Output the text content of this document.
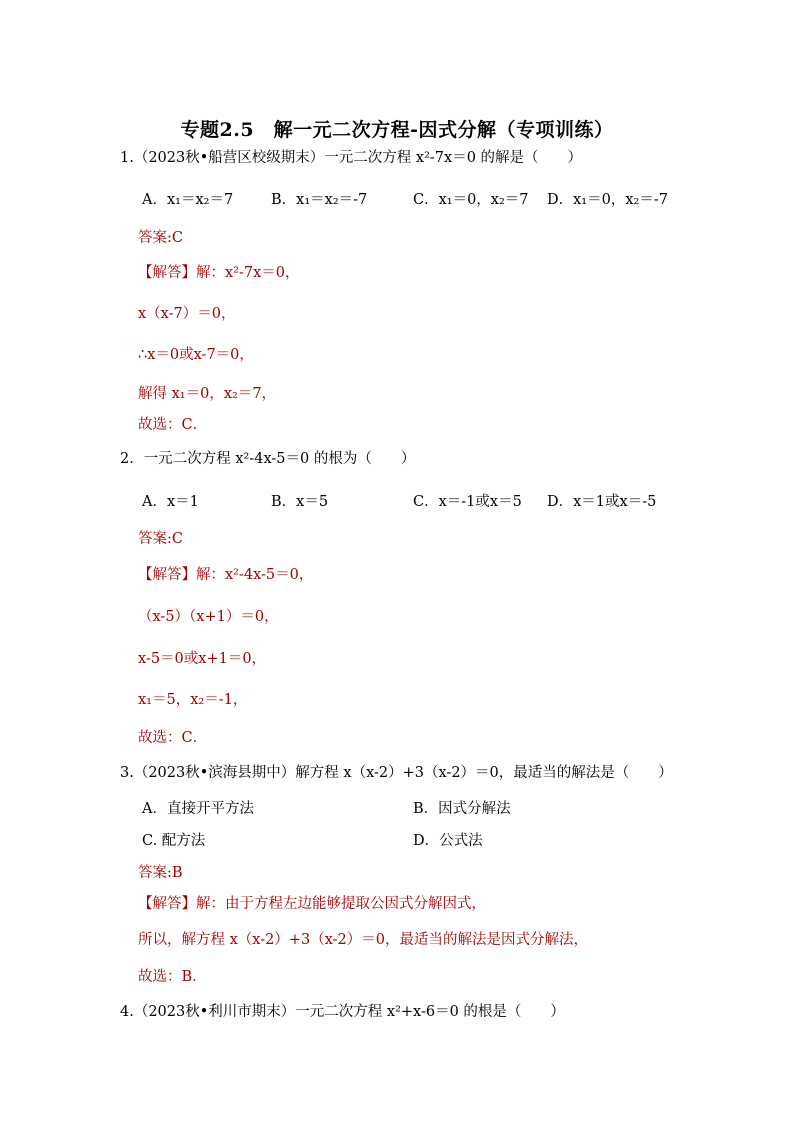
专题2.5　解一元二次方程-因式分解（专项训练）
1.（2023秋•船营区校级期末）一元二次方程 x²-7x＝0 的解是（　　）
A．x₁＝x₂＝7	B．x₁＝x₂＝-7	C．x₁＝0，x₂＝7 D．x₁＝0，x₂＝-7
答案:C
【解答】解：x²-7x＝0，
x（x-7）＝0，
∴x＝0或x-7＝0，
解得 x₁＝0，x₂＝7，
故选：C．
2．一元二次方程 x²-4x-5＝0 的根为（　　）
A．x＝1	B．x＝5	C．x＝-1或x＝5 D．x＝1或x＝-5
答案:C
【解答】解：x²-4x-5＝0，
（x-5）（x+1）＝0，
x-5＝0或x+1＝0，
x₁＝5，x₂＝-1，
故选：C．
3.（2023秋•滨海县期中）解方程 x（x-2）+3（x-2）＝0，最适当的解法是（　　）
A．直接开平方法	B．因式分解法
C. 配方法	D．公式法
答案:B
【解答】解：由于方程左边能够提取公因式分解因式，
所以，解方程 x（x-2）+3（x-2）＝0，最适当的解法是因式分解法，
故选：B．
4.（2023秋•利川市期末）一元二次方程 x²+x-6＝0 的根是（　　）
